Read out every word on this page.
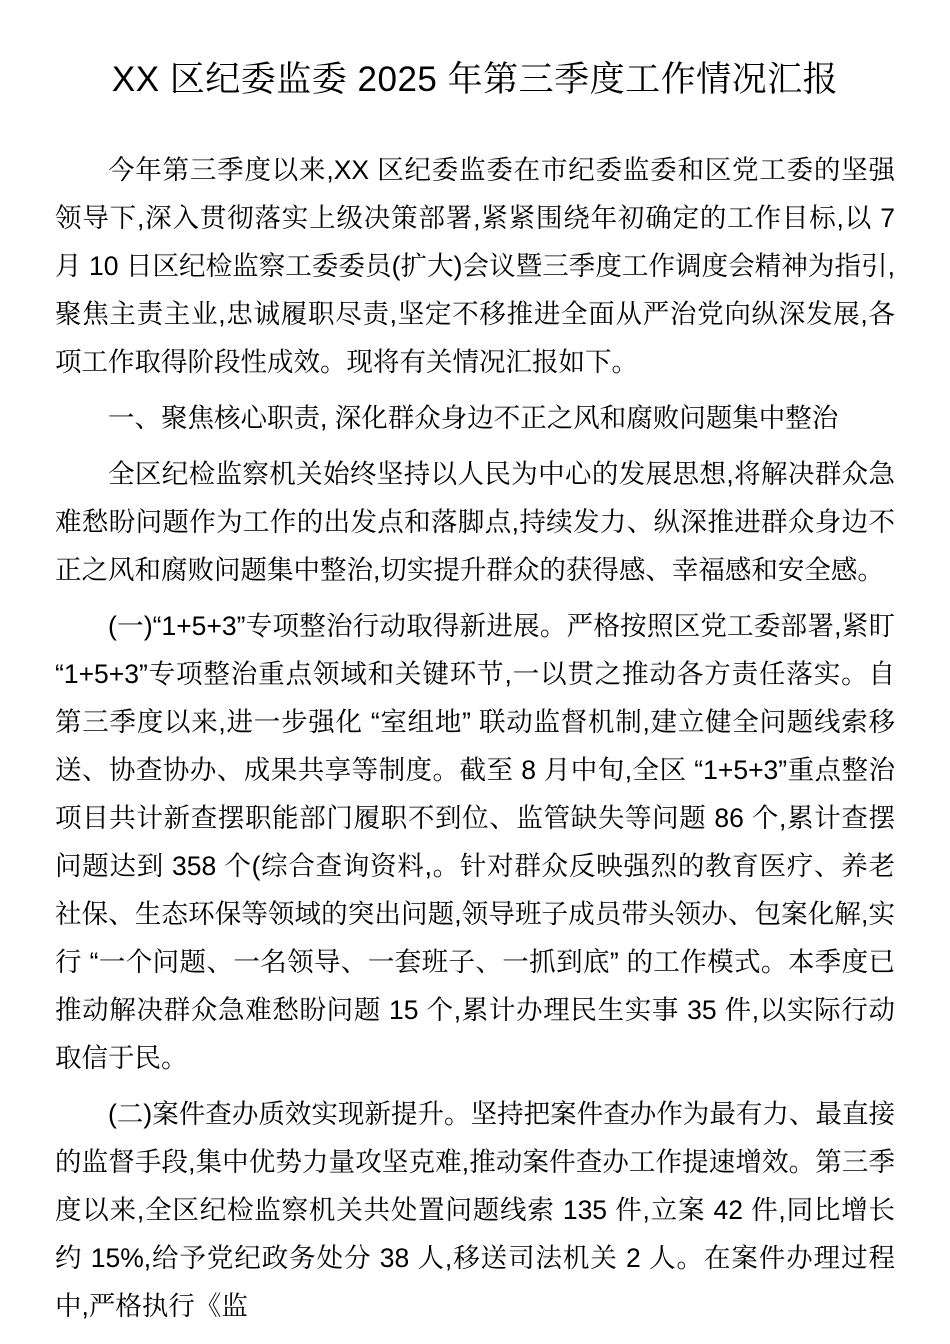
XX 区纪委监委 2025 年第三季度工作情况汇报

今年第三季度以来,XX 区纪委监委在市纪委监委和区党工委的坚强领导下,深入贯彻落实上级决策部署,紧紧围绕年初确定的工作目标,以 7 月 10 日区纪检监察工委委员(扩大)会议暨三季度工作调度会精神为指引,聚焦主责主业,忠诚履职尽责,坚定不移推进全面从严治党向纵深发展,各项工作取得阶段性成效。现将有关情况汇报如下。

一、聚焦核心职责, 深化群众身边不正之风和腐败问题集中整治

全区纪检监察机关始终坚持以人民为中心的发展思想,将解决群众急难愁盼问题作为工作的出发点和落脚点,持续发力、纵深推进群众身边不正之风和腐败问题集中整治,切实提升群众的获得感、幸福感和安全感。

(一)“1+5+3”专项整治行动取得新进展。严格按照区党工委部署,紧盯“1+5+3”专项整治重点领域和关键环节,一以贯之推动各方责任落实。自第三季度以来,进一步强化 “室组地” 联动监督机制,建立健全问题线索移送、协查协办、成果共享等制度。截至 8 月中旬,全区 “1+5+3”重点整治项目共计新查摆职能部门履职不到位、监管缺失等问题 86 个,累计查摆问题达到 358 个(综合查询资料,。针对群众反映强烈的教育医疗、养老社保、生态环保等领域的突出问题,领导班子成员带头领办、包案化解,实行 “一个问题、一名领导、一套班子、一抓到底” 的工作模式。本季度已推动解决群众急难愁盼问题 15 个,累计办理民生实事 35 件,以实际行动取信于民。

(二)案件查办质效实现新提升。坚持把案件查办作为最有力、最直接的监督手段,集中优势力量攻坚克难,推动案件查办工作提速增效。第三季度以来,全区纪检监察机关共处置问题线索 135 件,立案 42 件,同比增长约 15%,给予党纪政务处分 38 人,移送司法机关 2 人。在案件办理过程中,严格执行《监
